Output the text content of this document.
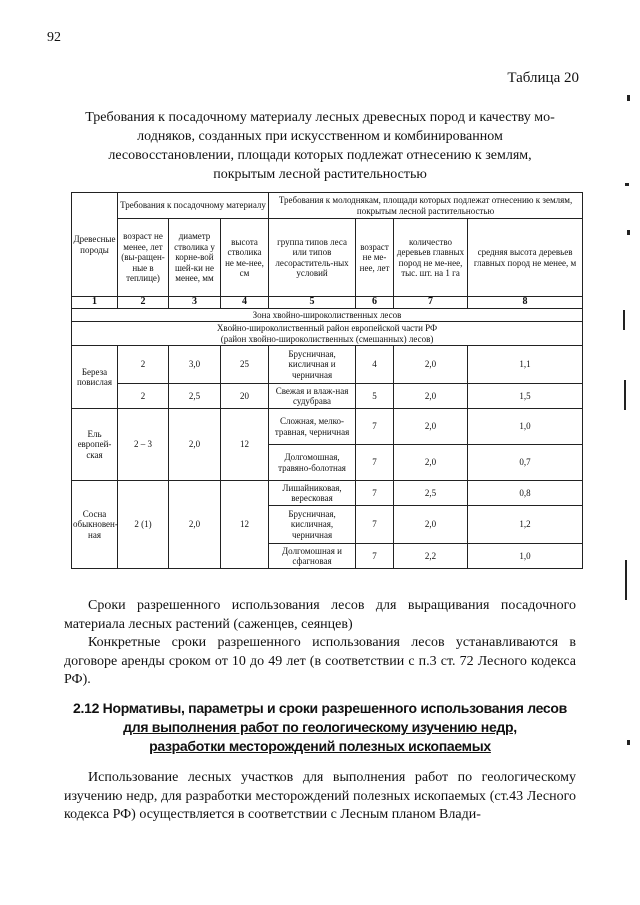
92
Таблица 20
Требования к посадочному материалу лесных древесных пород и качеству мо-
лодняков, созданных при искусственном и комбинированном
лесовосстановлении, площади которых подлежат отнесению к землям,
покрытым лесной растительностью
Древесные породы	Требования к посадочному материалу			Требования к молоднякам, площади которых подлежат отнесению к землям, покрытым лесной растительностью			
	возраст не менее, лет (вы-ращен-ные в теплице)	диаметр стволика у корне-вой шей-ки не менее, мм	высота стволика не ме-нее, см	группа типов леса или типов лесораститель-ных условий	возраст не ме-нее, лет	количество деревьев главных пород не ме-нее, тыс. шт. на 1 га	средняя высота деревьев главных пород не менее, м
1	2	3	4	5	6	7	8
Зона хвойно-широколиственных лесов							

Хвойно-широколиственный район европейской части РФ
(район хвойно-широколиственных (смешанных) лесов)							

Береза повислая	2	3,0	25	Брусничная, кисличная и черничная	4	2,0	1,1
	2	2,5	20	Свежая и влаж-ная судубрава	5	2,0	1,5
Ель европей-ская	2 – 3	2,0	12	Сложная, мелко-травная, черничная	7	2,0	1,0
				Долгомошная, травяно-болотная	7	2,0	0,7
Сосна обыкновен-ная	2 (1)	2,0	12	Лишайниковая, вересковая	7	2,5	0,8
				Брусничная, кисличная, черничная	7	2,0	1,2
				Долгомошная и сфагновая	7	2,2	1,0
Сроки разрешенного использования лесов для выращивания посадочного материала лесных растений (саженцев, сеянцев)
Конкретные сроки разрешенного использования лесов устанавливаются в договоре аренды сроком от 10 до 49 лет (в соответствии с п.3 ст. 72 Лесного кодекса РФ).
2.12 Нормативы, параметры и сроки разрешенного использования лесов
для выполнения работ по геологическому изучению недр,
разработки месторождений полезных ископаемых
Использование лесных участков для выполнения работ по геологическому изучению недр, для разработки месторождений полезных ископаемых (ст.43 Лесного кодекса РФ) осуществляется в соответствии с Лесным планом Влади-
